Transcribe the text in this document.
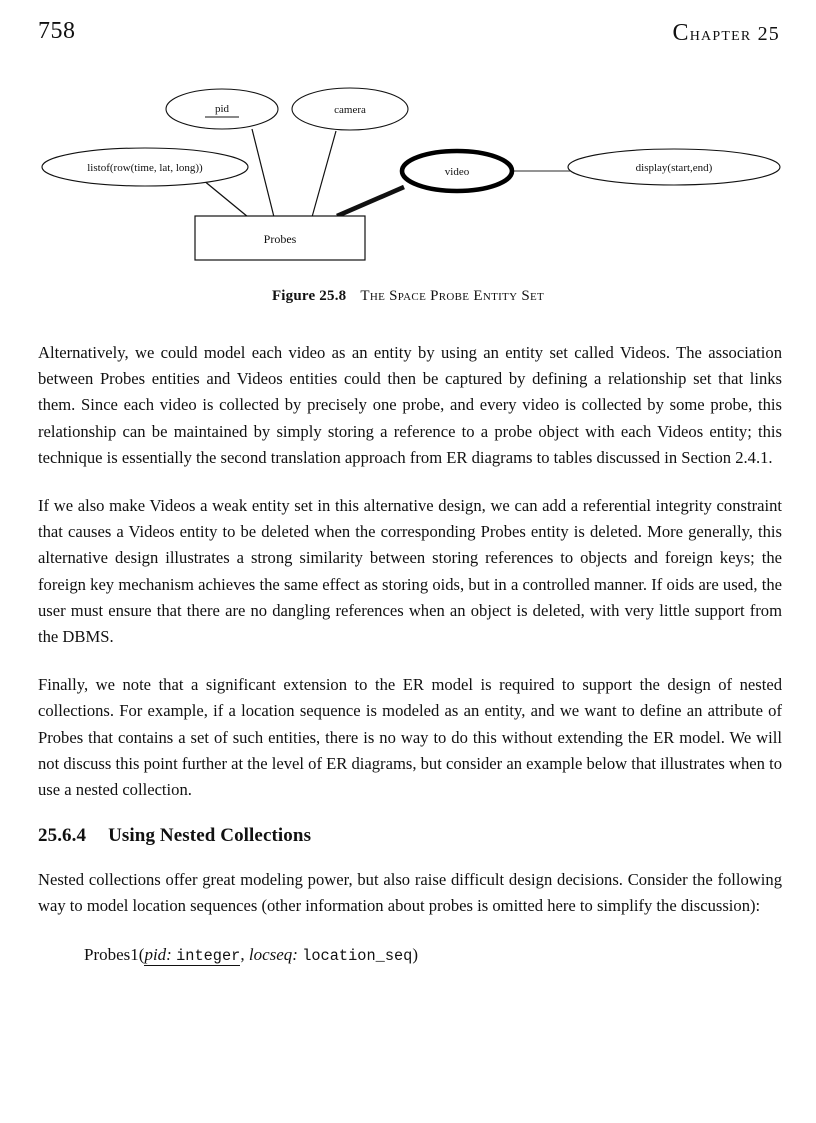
758	Chapter 25
pid	camera
listof(row(time, lat, long))	video	display(start,end)
Probes
Figure 25.8 The Space Probe Entity Set

Alternatively, we could model each video as an entity by using an entity set called Videos. The association between Probes entities and Videos entities could then be captured by defining a relationship set that links them. Since each video is collected by precisely one probe, and every video is collected by some probe, this relationship can be maintained by simply storing a reference to a probe object with each Videos entity; this technique is essentially the second translation approach from ER diagrams to tables discussed in Section 2.4.1.

If we also make Videos a weak entity set in this alternative design, we can add a referential integrity constraint that causes a Videos entity to be deleted when the corresponding Probes entity is deleted. More generally, this alternative design illustrates a strong similarity between storing references to objects and foreign keys; the foreign key mechanism achieves the same effect as storing oids, but in a controlled manner. If oids are used, the user must ensure that there are no dangling references when an object is deleted, with very little support from the DBMS.

Finally, we note that a significant extension to the ER model is required to support the design of nested collections. For example, if a location sequence is modeled as an entity, and we want to define an attribute of Probes that contains a set of such entities, there is no way to do this without extending the ER model. We will not discuss this point further at the level of ER diagrams, but consider an example below that illustrates when to use a nested collection.

25.6.4 Using Nested Collections

Nested collections offer great modeling power, but also raise difficult design decisions. Consider the following way to model location sequences (other information about probes is omitted here to simplify the discussion):

Probes1(pid: integer, locseq: location_seq)
